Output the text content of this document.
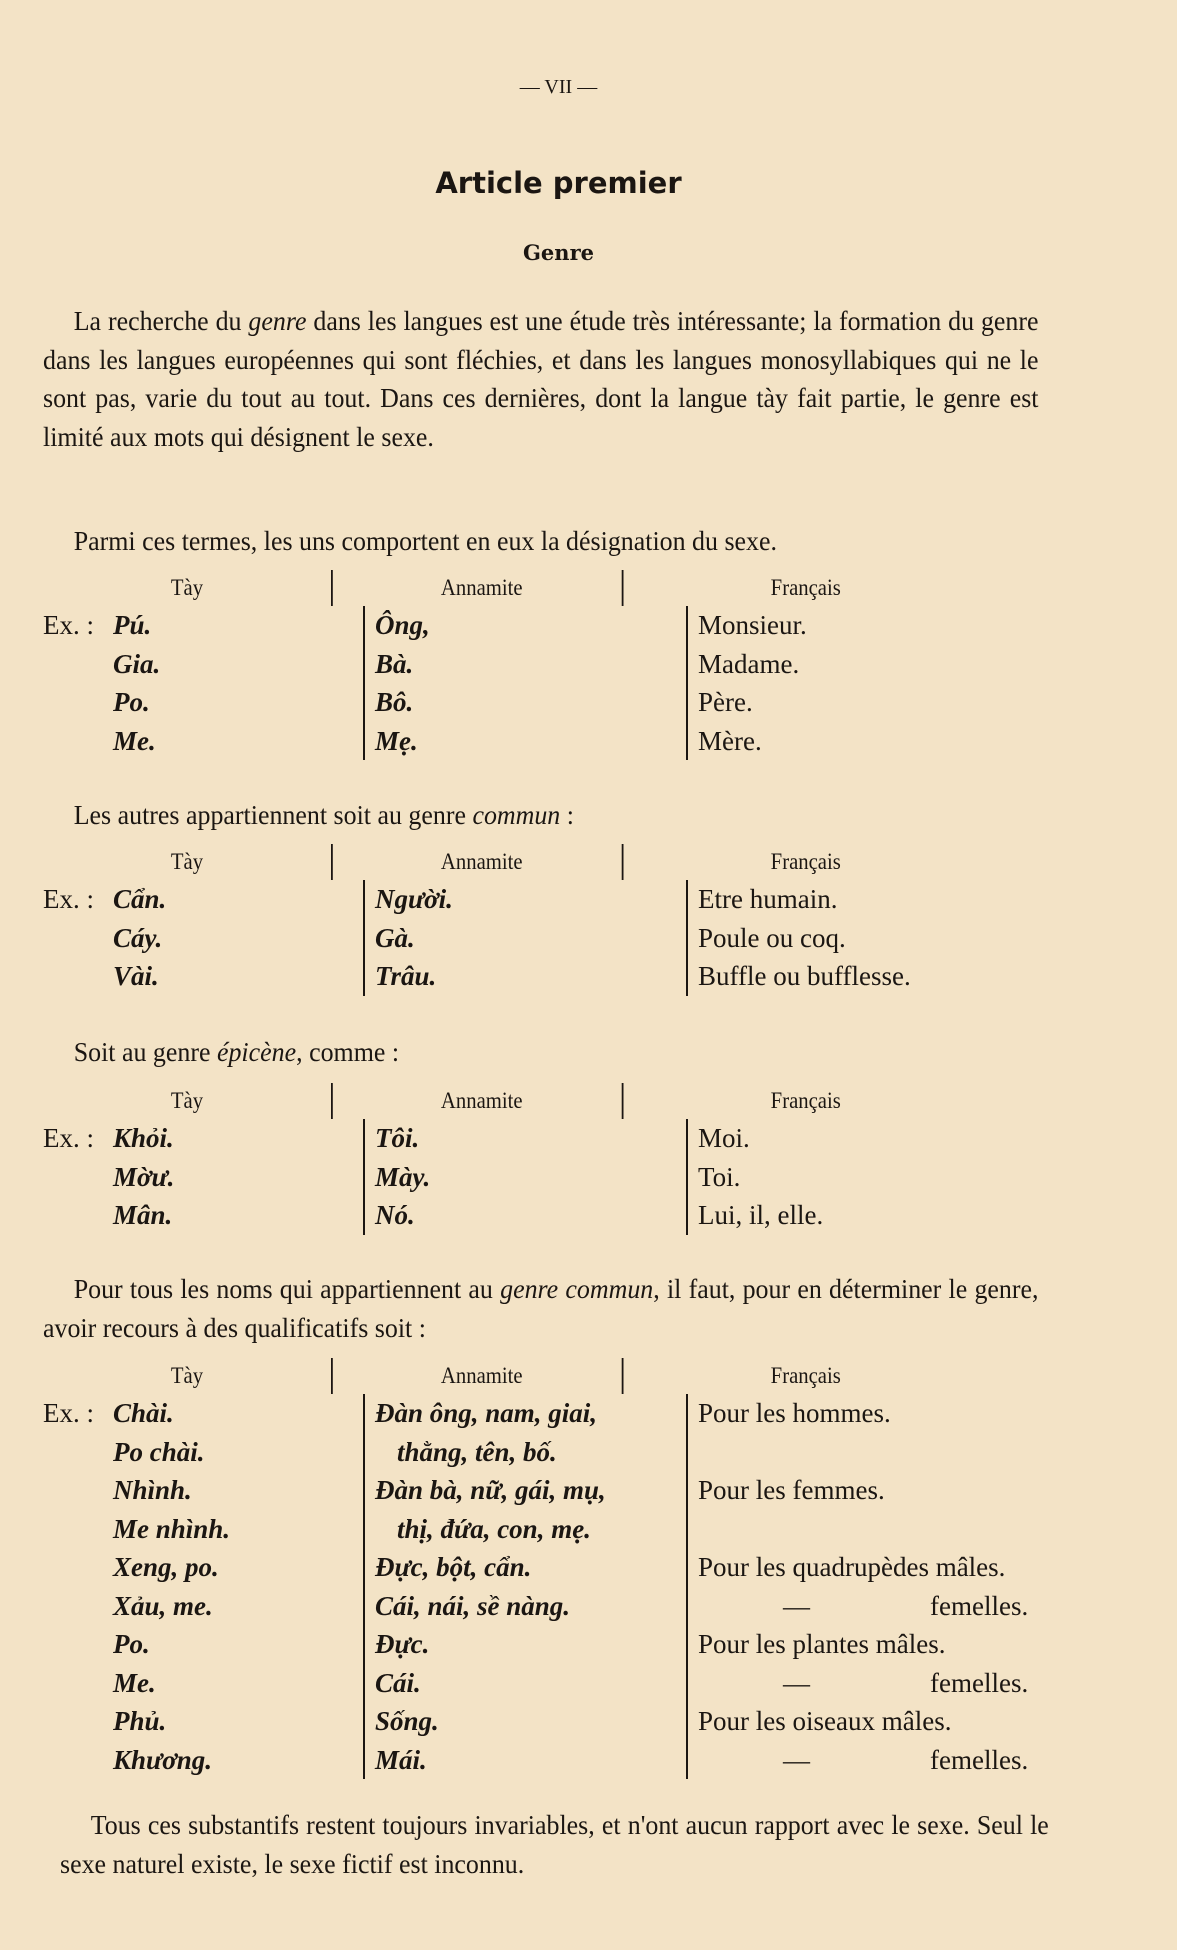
— VII —
Article premier
Genre
La recherche du genre dans les langues est une étude très intéressante; la formation du genre dans les langues européennes qui sont fléchies, et dans les langues monosyllabiques qui ne le sont pas, varie du tout au tout. Dans ces dernières, dont la langue tày fait partie, le genre est limité aux mots qui désignent le sexe.
Parmi ces termes, les uns comportent en eux la désignation du sexe.
Tày	Annamite	Français
Ex. : Pú.	Ông,	Monsieur.
Gia.	Bà.	Madame.
Po.	Bô.	Père.
Me.	Mẹ.	Mère.
Les autres appartiennent soit au genre commun :
Tày	Annamite	Français
Ex. : Cẩn.	Người.	Etre humain.
Cáy.	Gà.	Poule ou coq.
Vài.	Trâu.	Buffle ou bufflesse.
Soit au genre épicène, comme :
Tày	Annamite	Français
Ex. : Khỏi.	Tôi.	Moi.
Mờư.	Mày.	Toi.
Mân.	Nó.	Lui, il, elle.
Pour tous les noms qui appartiennent au genre commun, il faut, pour en déterminer le genre, avoir recours à des qualificatifs soit :
Tày	Annamite	Français
Ex. : Chài.	Đàn ông, nam, giai,	Pour les hommes.
Po chài.	thằng, tên, bố.
Nhình.	Đàn bà, nữ, gái, mụ,	Pour les femmes.
Me nhình.	thị, đứa, con, mẹ.
Xeng, po.	Đực, bột, cẩn.	Pour les quadrupèdes mâles.
Xảu, me.	Cái, nái, sề nàng.	—	femelles.
Po.	Đực.	Pour les plantes mâles.
Me.	Cái.	—	femelles.
Phủ.	Sống.	Pour les oiseaux mâles.
Khương.	Mái.	—	femelles.
Tous ces substantifs restent toujours invariables, et n'ont aucun rapport avec le sexe. Seul le sexe naturel existe, le sexe fictif est inconnu.
